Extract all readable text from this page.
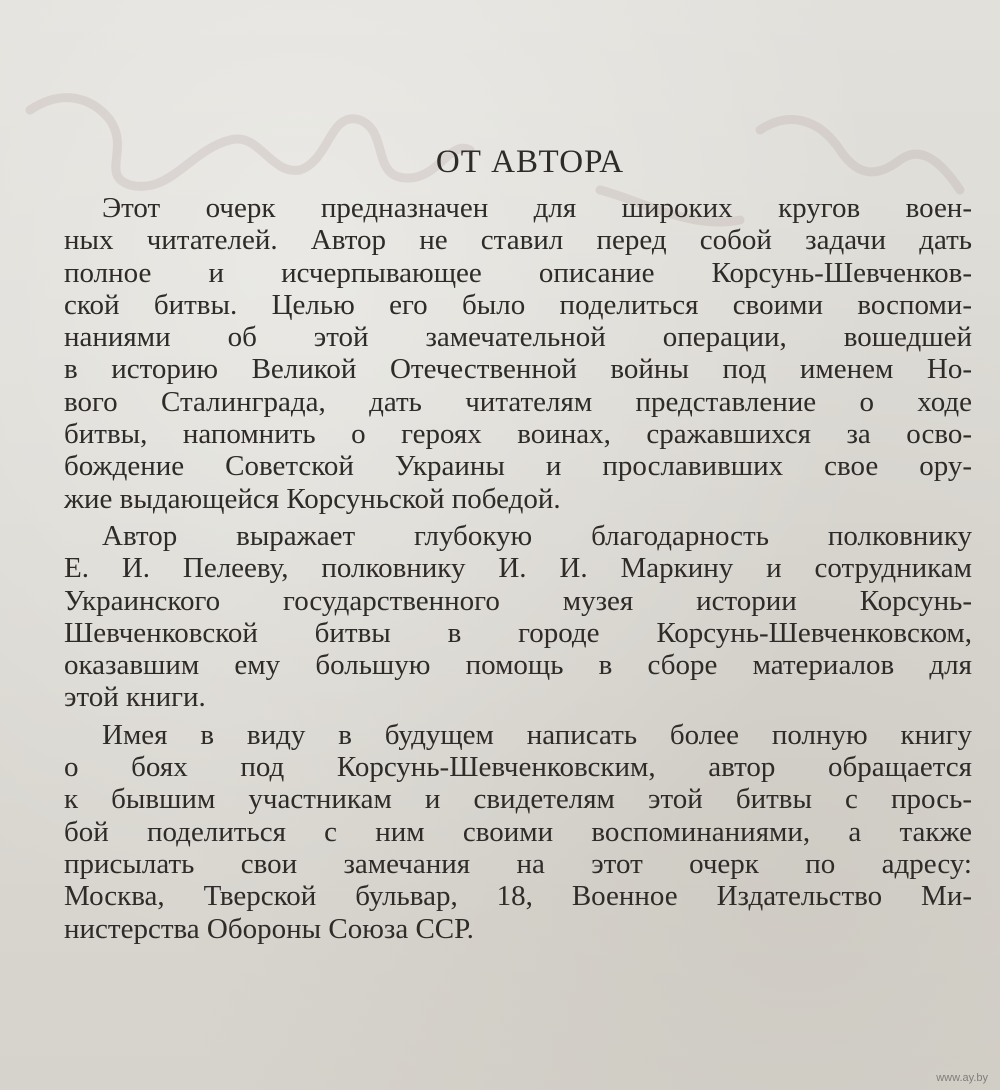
ОТ АВТОРА
Этот очерк предназначен для широких кругов воен-
ных читателей. Автор не ставил перед собой задачи дать
полное и исчерпывающее описание Корсунь-Шевченков-
ской битвы. Целью его было поделиться своими воспоми-
наниями об этой замечательной операции, вошедшей
в историю Великой Отечественной войны под именем Но-
вого Сталинграда, дать читателям представление о ходе
битвы, напомнить о героях воинах, сражавшихся за осво-
бождение Советской Украины и прославивших свое ору-
жие выдающейся Корсуньской победой.
Автор выражает глубокую благодарность полковнику
Е. И. Пелееву, полковнику И. И. Маркину и сотрудникам
Украинского государственного музея истории Корсунь-
Шевченковской битвы в городе Корсунь-Шевченковском,
оказавшим ему большую помощь в сборе материалов для
этой книги.
Имея в виду в будущем написать более полную книгу
о боях под Корсунь-Шевченковским, автор обращается
к бывшим участникам и свидетелям этой битвы с прось-
бой поделиться с ним своими воспоминаниями, а также
присылать свои замечания на этот очерк по адресу:
Москва, Тверской бульвар, 18, Военное Издательство Ми-
нистерства Обороны Союза ССР.
www.ay.by
